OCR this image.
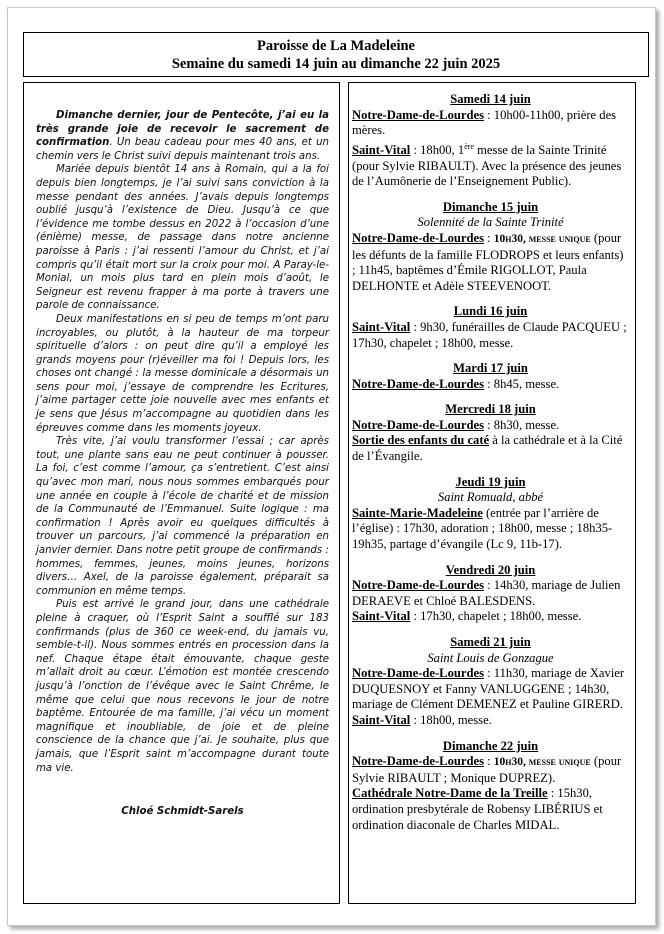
Paroisse de La Madeleine
Semaine du samedi 14 juin au dimanche 22 juin 2025

Dimanche dernier, jour de Pentecôte, j’ai eu la très grande joie de recevoir le sacrement de confirmation. Un beau cadeau pour mes 40 ans, et un chemin vers le Christ suivi depuis maintenant trois ans.

Mariée depuis bientôt 14 ans à Romain, qui a la foi depuis bien longtemps, je l’ai suivi sans conviction à la messe pendant des années. J’avais depuis longtemps oublié jusqu’à l’existence de Dieu. Jusqu’à ce que l’évidence me tombe dessus en 2022 à l’occasion d’une (énième) messe, de passage dans notre ancienne paroisse à Paris : j’ai ressenti l’amour du Christ, et j’ai compris qu’il était mort sur la croix pour moi. A Paray-le-Monial, un mois plus tard en plein mois d’août, le Seigneur est revenu frapper à ma porte à travers une parole de connaissance.

Deux manifestations en si peu de temps m’ont paru incroyables, ou plutôt, à la hauteur de ma torpeur spirituelle d’alors : on peut dire qu’il a employé les grands moyens pour (r)éveiller ma foi ! Depuis lors, les choses ont changé : la messe dominicale a désormais un sens pour moi, j’essaye de comprendre les Ecritures, j’aime partager cette joie nouvelle avec mes enfants et je sens que Jésus m’accompagne au quotidien dans les épreuves comme dans les moments joyeux.

Très vite, j’ai voulu transformer l’essai ; car après tout, une plante sans eau ne peut continuer à pousser. La foi, c’est comme l’amour, ça s’entretient. C’est ainsi qu’avec mon mari, nous nous sommes embarqués pour une année en couple à l’école de charité et de mission de la Communauté de l’Emmanuel. Suite logique : ma confirmation ! Après avoir eu quelques difficultés à trouver un parcours, j’ai commencé la préparation en janvier dernier. Dans notre petit groupe de confirmands : hommes, femmes, jeunes, moins jeunes, horizons divers… Axel, de la paroisse également, préparait sa communion en même temps.

Puis est arrivé le grand jour, dans une cathédrale pleine à craquer, où l’Esprit Saint a soufflé sur 183 confirmands (plus de 360 ce week-end, du jamais vu, semble-t-il). Nous sommes entrés en procession dans la nef. Chaque étape était émouvante, chaque geste m’allait droit au cœur. L’émotion est montée crescendo jusqu’à l’onction de l’évêque avec le Saint Chrême, le même que celui que nous recevons le jour de notre baptême. Entourée de ma famille, j’ai vécu un moment magnifique et inoubliable, de joie et de pleine conscience de la chance que j’ai. Je souhaite, plus que jamais, que l’Esprit saint m’accompagne durant toute ma vie.

Chloé Schmidt-Sarels

Samedi 14 juin

Notre-Dame-de-Lourdes : 10h00-11h00, prière des mères.

Saint-Vital : 18h00, 1ère messe de la Sainte Trinité (pour Sylvie RIBAULT). Avec la présence des jeunes de l’Aumônerie de l’Enseignement Public).

Dimanche 15 juin
Solennité de la Sainte Trinité

Notre-Dame-de-Lourdes : 10h30, messe unique (pour les défunts de la famille FLODROPS et leurs enfants) ; 11h45, baptêmes d’Émile RIGOLLOT, Paula DELHONTE et Adèle STEEVENOOT.

Lundi 16 juin

Saint-Vital : 9h30, funérailles de Claude PACQUEU ; 17h30, chapelet ; 18h00, messe.

Mardi 17 juin

Notre-Dame-de-Lourdes : 8h45, messe.

Mercredi 18 juin

Notre-Dame-de-Lourdes : 8h30, messe.

Sortie des enfants du caté à la cathédrale et à la Cité de l’Évangile.

Jeudi 19 juin
Saint Romuald, abbé

Sainte-Marie-Madeleine (entrée par l’arrière de l’église) : 17h30, adoration ; 18h00, messe ; 18h35-19h35, partage d’évangile (Lc 9, 11b-17).

Vendredi 20 juin

Notre-Dame-de-Lourdes : 14h30, mariage de Julien DERAEVE et Chloé BALESDENS.

Saint-Vital : 17h30, chapelet ; 18h00, messe.

Samedi 21 juin
Saint Louis de Gonzague

Notre-Dame-de-Lourdes : 11h30, mariage de Xavier DUQUESNOY et Fanny VANLUGGENE ; 14h30, mariage de Clément DEMENEZ et Pauline GIRERD.

Saint-Vital : 18h00, messe.

Dimanche 22 juin

Notre-Dame-de-Lourdes : 10h30, messe unique (pour Sylvie RIBAULT ; Monique DUPREZ).

Cathédrale Notre-Dame de la Treille : 15h30, ordination presbytérale de Robensy LIBÉRIUS et ordination diaconale de Charles MIDAL.
